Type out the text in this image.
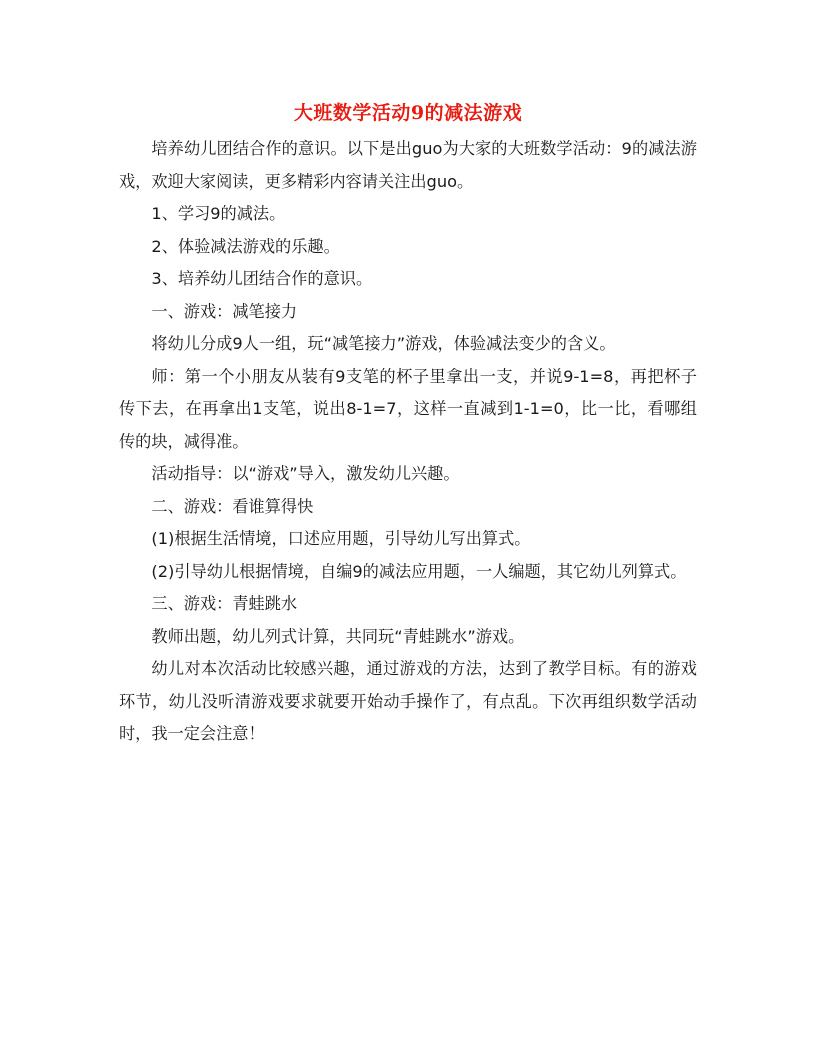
大班数学活动9的减法游戏

培养幼儿团结合作的意识。以下是出guo为大家的大班数学活动：9的减法游戏，欢迎大家阅读，更多精彩内容请关注出guo。

1、学习9的减法。

2、体验减法游戏的乐趣。

3、培养幼儿团结合作的意识。

一、游戏：减笔接力

将幼儿分成9人一组，玩“减笔接力”游戏，体验减法变少的含义。

师：第一个小朋友从装有9支笔的杯子里拿出一支，并说9-1=8，再把杯子传下去，在再拿出1支笔，说出8-1=7，这样一直减到1-1=0，比一比，看哪组传的块，减得准。

活动指导：以“游戏”导入，激发幼儿兴趣。

二、游戏：看谁算得快

(1)根据生活情境，口述应用题，引导幼儿写出算式。

(2)引导幼儿根据情境，自编9的减法应用题，一人编题，其它幼儿列算式。

三、游戏：青蛙跳水

教师出题，幼儿列式计算，共同玩“青蛙跳水”游戏。

幼儿对本次活动比较感兴趣，通过游戏的方法，达到了教学目标。有的游戏环节，幼儿没听清游戏要求就要开始动手操作了，有点乱。下次再组织数学活动时，我一定会注意！
